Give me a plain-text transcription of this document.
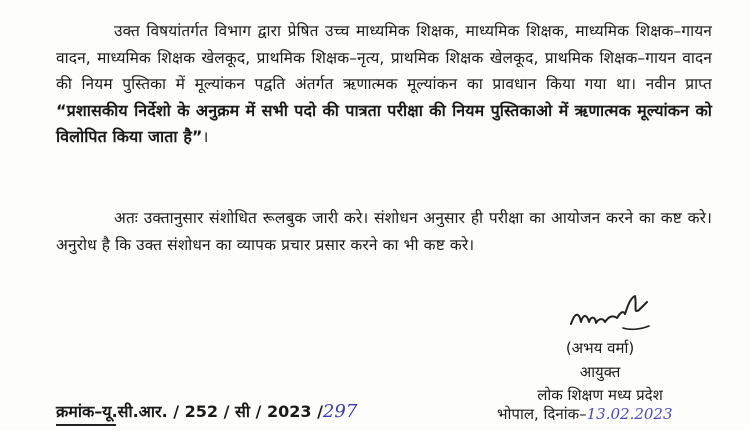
उक्त विषयांतर्गत विभाग द्वारा प्रेषित उच्च माध्यमिक शिक्षक, माध्यमिक शिक्षक, माध्यमिक शिक्षक–गायन वादन, माध्यमिक शिक्षक खेलकूद, प्राथमिक शिक्षक–नृत्य, प्राथमिक शिक्षक खेलकूद, प्राथमिक शिक्षक–गायन वादन की नियम पुस्तिका में मूल्यांकन पद्वति अंतर्गत ऋणात्मक मूल्यांकन का प्रावधान किया गया था। नवीन प्राप्त “प्रशासकीय निर्देशो के अनुक्रम में सभी पदो की पात्रता परीक्षा की नियम पुस्तिकाओ में ऋणात्मक मूल्यांकन को विलोपित किया जाता है”।
अतः उक्तानुसार संशोधित रूलबुक जारी करे। संशोधन अनुसार ही परीक्षा का आयोजन करने का कष्ट करे। अनुरोध है कि उक्त संशोधन का व्यापक प्रचार प्रसार करने का भी कष्ट करे।
(अभय वर्मा)
आयुक्त
लोक शिक्षण मध्य प्रदेश
क्रमांक–यू.सी.आर. / 252 / सी / 2023 /297	भोपाल, दिनांक–13.02.2023
